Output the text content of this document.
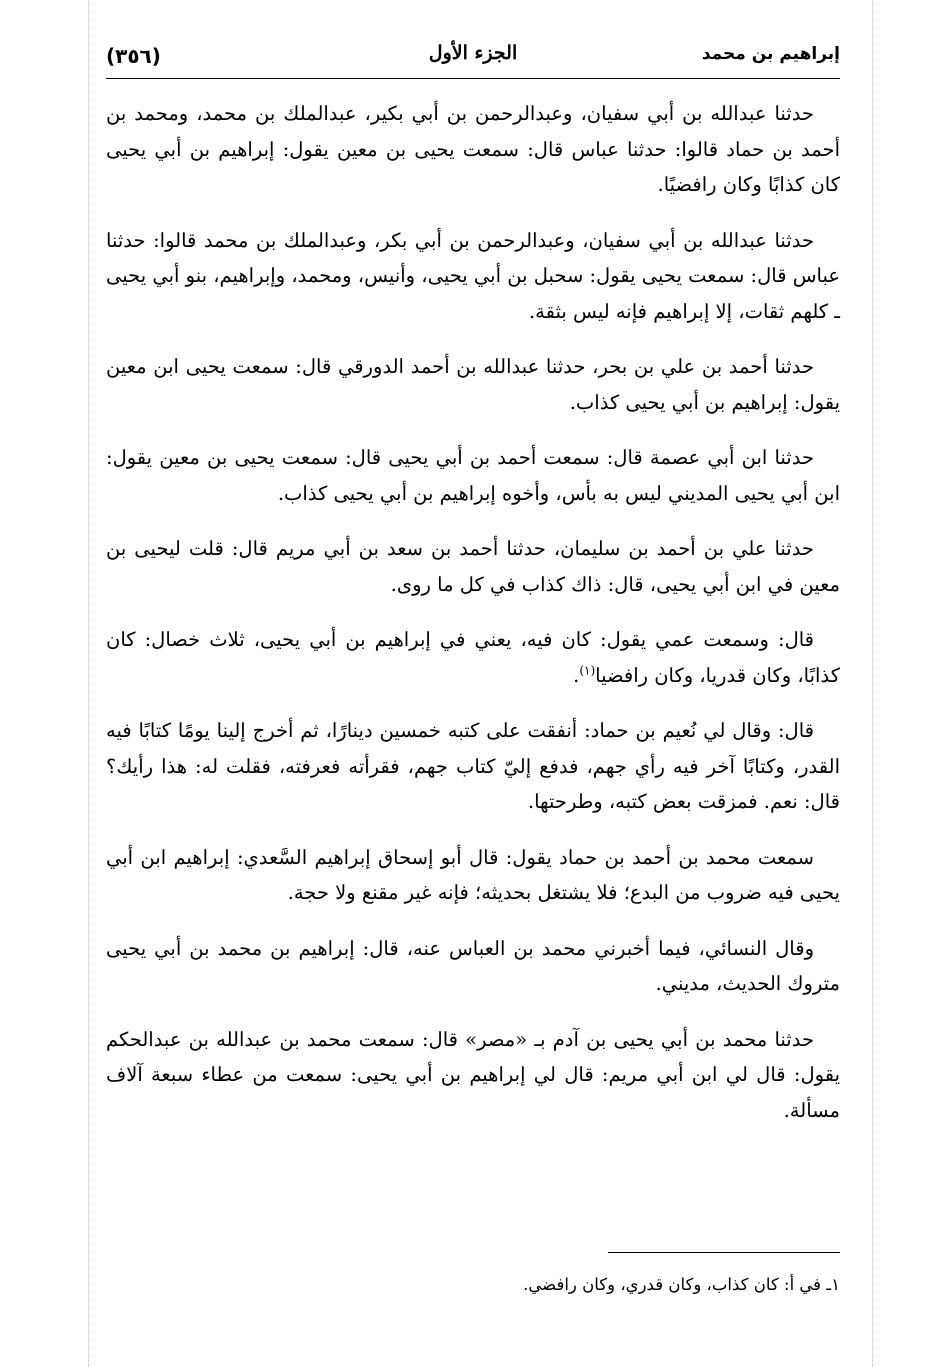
إبراهيم بن محمد
الجزء الأول
(٣٥٦)

حدثنا عبدالله بن أبي سفيان، وعبدالرحمن بن أبي بكير، عبدالملك بن محمد، ومحمد بن أحمد بن حماد قالوا: حدثنا عباس قال: سمعت يحيى بن معين يقول: إبراهيم بن أبي يحيى كان كذابًا وكان رافضيًا.

حدثنا عبدالله بن أبي سفيان، وعبدالرحمن بن أبي بكر، وعبدالملك بن محمد قالوا: حدثنا عباس قال: سمعت يحيى يقول: سحبل بن أبي يحيى، وأنيس، ومحمد، وإبراهيم، بنو أبي يحيى ـ كلهم ثقات، إلا إبراهيم فإنه ليس بثقة.

حدثنا أحمد بن علي بن بحر، حدثنا عبدالله بن أحمد الدورقي قال: سمعت يحيى ابن معين يقول: إبراهيم بن أبي يحيى كذاب.

حدثنا ابن أبي عصمة قال: سمعت أحمد بن أبي يحيى قال: سمعت يحيى بن معين يقول: ابن أبي يحيى المديني ليس به بأس، وأخوه إبراهيم بن أبي يحيى كذاب.

حدثنا علي بن أحمد بن سليمان، حدثنا أحمد بن سعد بن أبي مريم قال: قلت ليحيى بن معين في ابن أبي يحيى، قال: ذاك كذاب في كل ما روى.

قال: وسمعت عمي يقول: كان فيه، يعني في إبراهيم بن أبي يحيى، ثلاث خصال: كان كذابًا، وكان قدريا، وكان رافضيا$^{(١)}$.

قال: وقال لي نُعيم بن حماد: أنفقت على كتبه خمسين دينارًا، ثم أخرج إلينا يومًا كتابًا فيه القدر، وكتابًا آخر فيه رأي جهم، فدفع إليّ كتاب جهم، فقرأته فعرفته، فقلت له: هذا رأيك؟ قال: نعم. فمزقت بعض كتبه، وطرحتها.

سمعت محمد بن أحمد بن حماد يقول: قال أبو إسحاق إبراهيم السَّعدي: إبراهيم ابن أبي يحيى فيه ضروب من البدع؛ فلا يشتغل بحديثه؛ فإنه غير مقنع ولا حجة.

وقال النسائي، فيما أخبرني محمد بن العباس عنه، قال: إبراهيم بن محمد بن أبي يحيى متروك الحديث، مديني.

حدثنا محمد بن أبي يحيى بن آدم بـ «مصر» قال: سمعت محمد بن عبدالله بن عبدالحكم يقول: قال لي ابن أبي مريم: قال لي إبراهيم بن أبي يحيى: سمعت من عطاء سبعة آلاف مسألة.

١ـ في أ: كان كذاب، وكان قدري، وكان رافضي.
